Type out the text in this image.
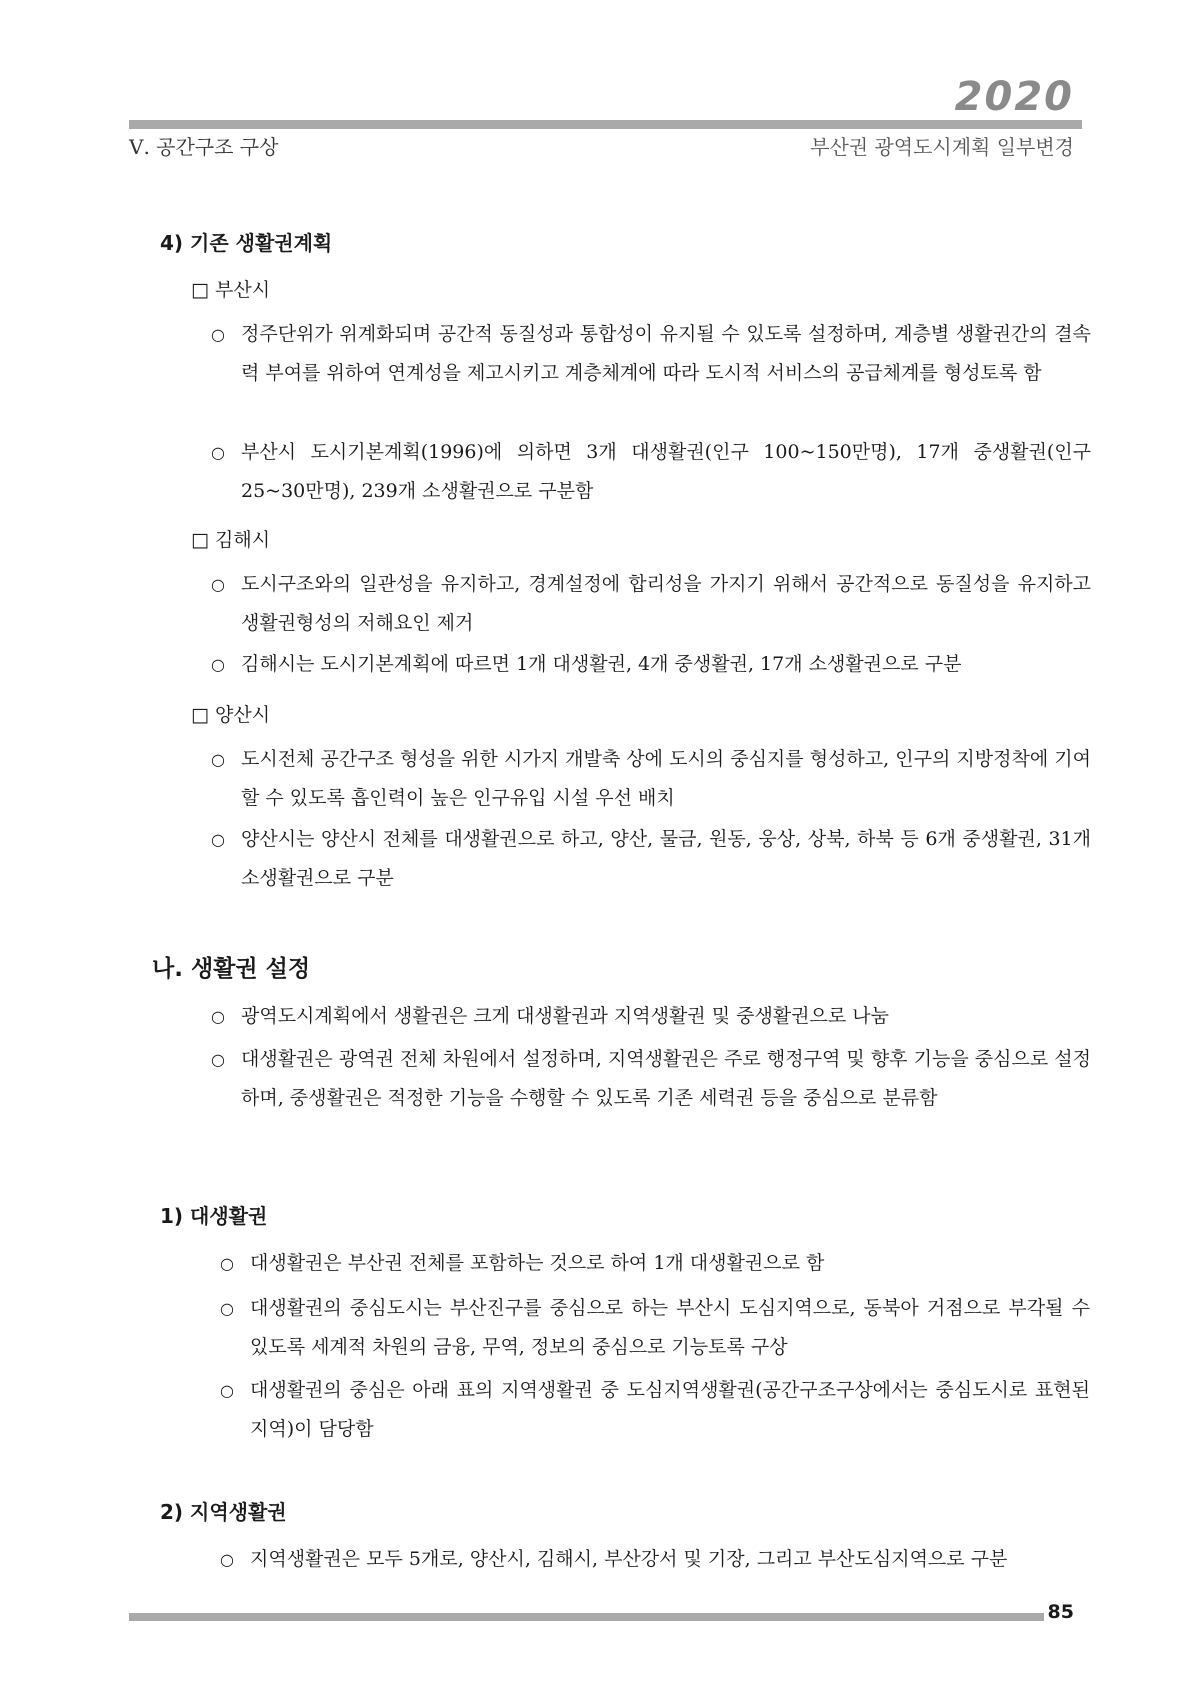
2020
Ⅴ. 공간구조 구상	부산권 광역도시계획 일부변경
4) 기존 생활권계획
□ 부산시
○ 정주단위가 위계화되며 공간적 동질성과 통합성이 유지될 수 있도록 설정하며, 계층별 생활권간의 결속력 부여를 위하여 연계성을 제고시키고 계층체계에 따라 도시적 서비스의 공급체계를 형성토록 함
○ 부산시 도시기본계획(1996)에 의하면 3개 대생활권(인구 100~150만명), 17개 중생활권(인구 25~30만명), 239개 소생활권으로 구분함
□ 김해시
○ 도시구조와의 일관성을 유지하고, 경계설정에 합리성을 가지기 위해서 공간적으로 동질성을 유지하고 생활권형성의 저해요인 제거
○ 김해시는 도시기본계획에 따르면 1개 대생활권, 4개 중생활권, 17개 소생활권으로 구분
□ 양산시
○ 도시전체 공간구조 형성을 위한 시가지 개발축 상에 도시의 중심지를 형성하고, 인구의 지방정착에 기여할 수 있도록 흡인력이 높은 인구유입 시설 우선 배치
○ 양산시는 양산시 전체를 대생활권으로 하고, 양산, 물금, 원동, 웅상, 상북, 하북 등 6개 중생활권, 31개 소생활권으로 구분
나. 생활권 설정
○ 광역도시계획에서 생활권은 크게 대생활권과 지역생활권 및 중생활권으로 나눔
○ 대생활권은 광역권 전체 차원에서 설정하며, 지역생활권은 주로 행정구역 및 향후 기능을 중심으로 설정하며, 중생활권은 적정한 기능을 수행할 수 있도록 기존 세력권 등을 중심으로 분류함
1) 대생활권
○ 대생활권은 부산권 전체를 포함하는 것으로 하여 1개 대생활권으로 함
○ 대생활권의 중심도시는 부산진구를 중심으로 하는 부산시 도심지역으로, 동북아 거점으로 부각될 수 있도록 세계적 차원의 금융, 무역, 정보의 중심으로 기능토록 구상
○ 대생활권의 중심은 아래 표의 지역생활권 중 도심지역생활권(공간구조구상에서는 중심도시로 표현된 지역)이 담당함
2) 지역생활권
○ 지역생활권은 모두 5개로, 양산시, 김해시, 부산강서 및 기장, 그리고 부산도심지역으로 구분
85
